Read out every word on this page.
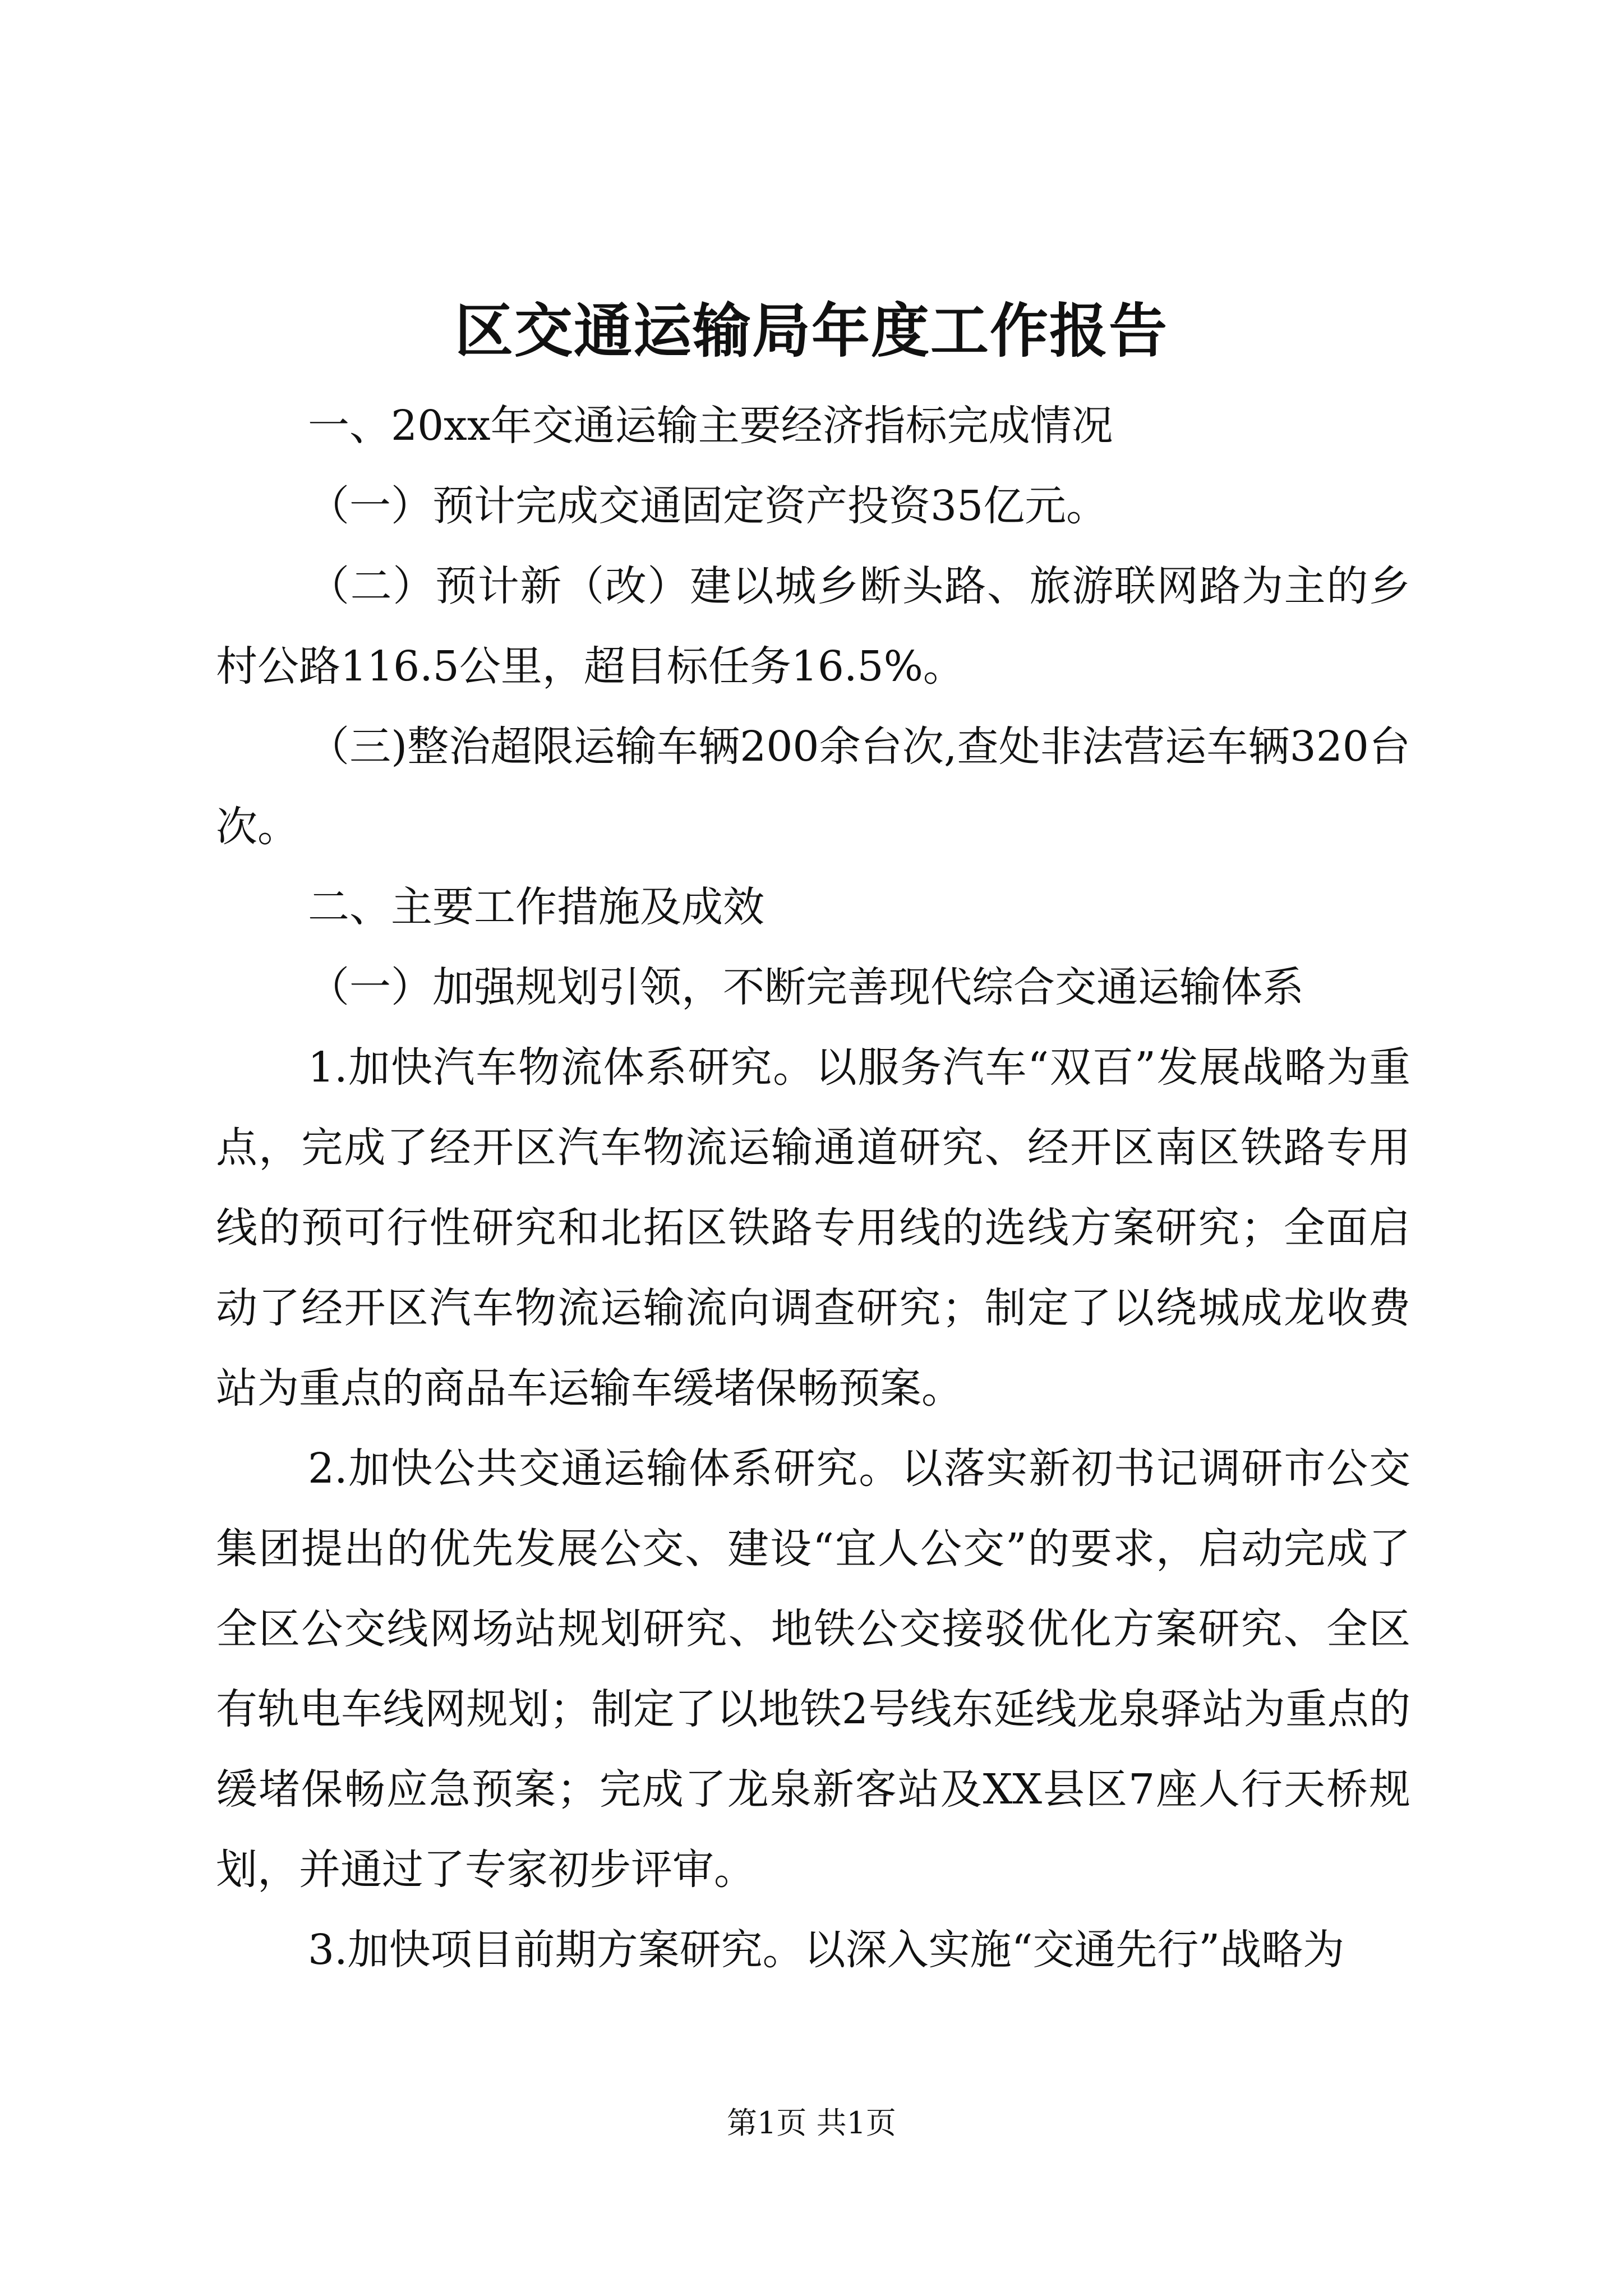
区交通运输局年度工作报告

一、20xx年交通运输主要经济指标完成情况

（一）预计完成交通固定资产投资35亿元。

（二）预计新（改）建以城乡断头路、旅游联网路为主的乡村公路116.5公里，超目标任务16.5%。

（三)整治超限运输车辆200余台次,查处非法营运车辆320台次。

二、主要工作措施及成效

（一）加强规划引领，不断完善现代综合交通运输体系

1.加快汽车物流体系研究。以服务汽车“双百”发展战略为重点，完成了经开区汽车物流运输通道研究、经开区南区铁路专用线的预可行性研究和北拓区铁路专用线的选线方案研究；全面启动了经开区汽车物流运输流向调查研究；制定了以绕城成龙收费站为重点的商品车运输车缓堵保畅预案。

2.加快公共交通运输体系研究。以落实新初书记调研市公交集团提出的优先发展公交、建设“宜人公交”的要求，启动完成了全区公交线网场站规划研究、地铁公交接驳优化方案研究、全区有轨电车线网规划；制定了以地铁2号线东延线龙泉驿站为重点的缓堵保畅应急预案；完成了龙泉新客站及XX县区7座人行天桥规划，并通过了专家初步评审。

3.加快项目前期方案研究。以深入实施“交通先行”战略为

第1页 共1页
